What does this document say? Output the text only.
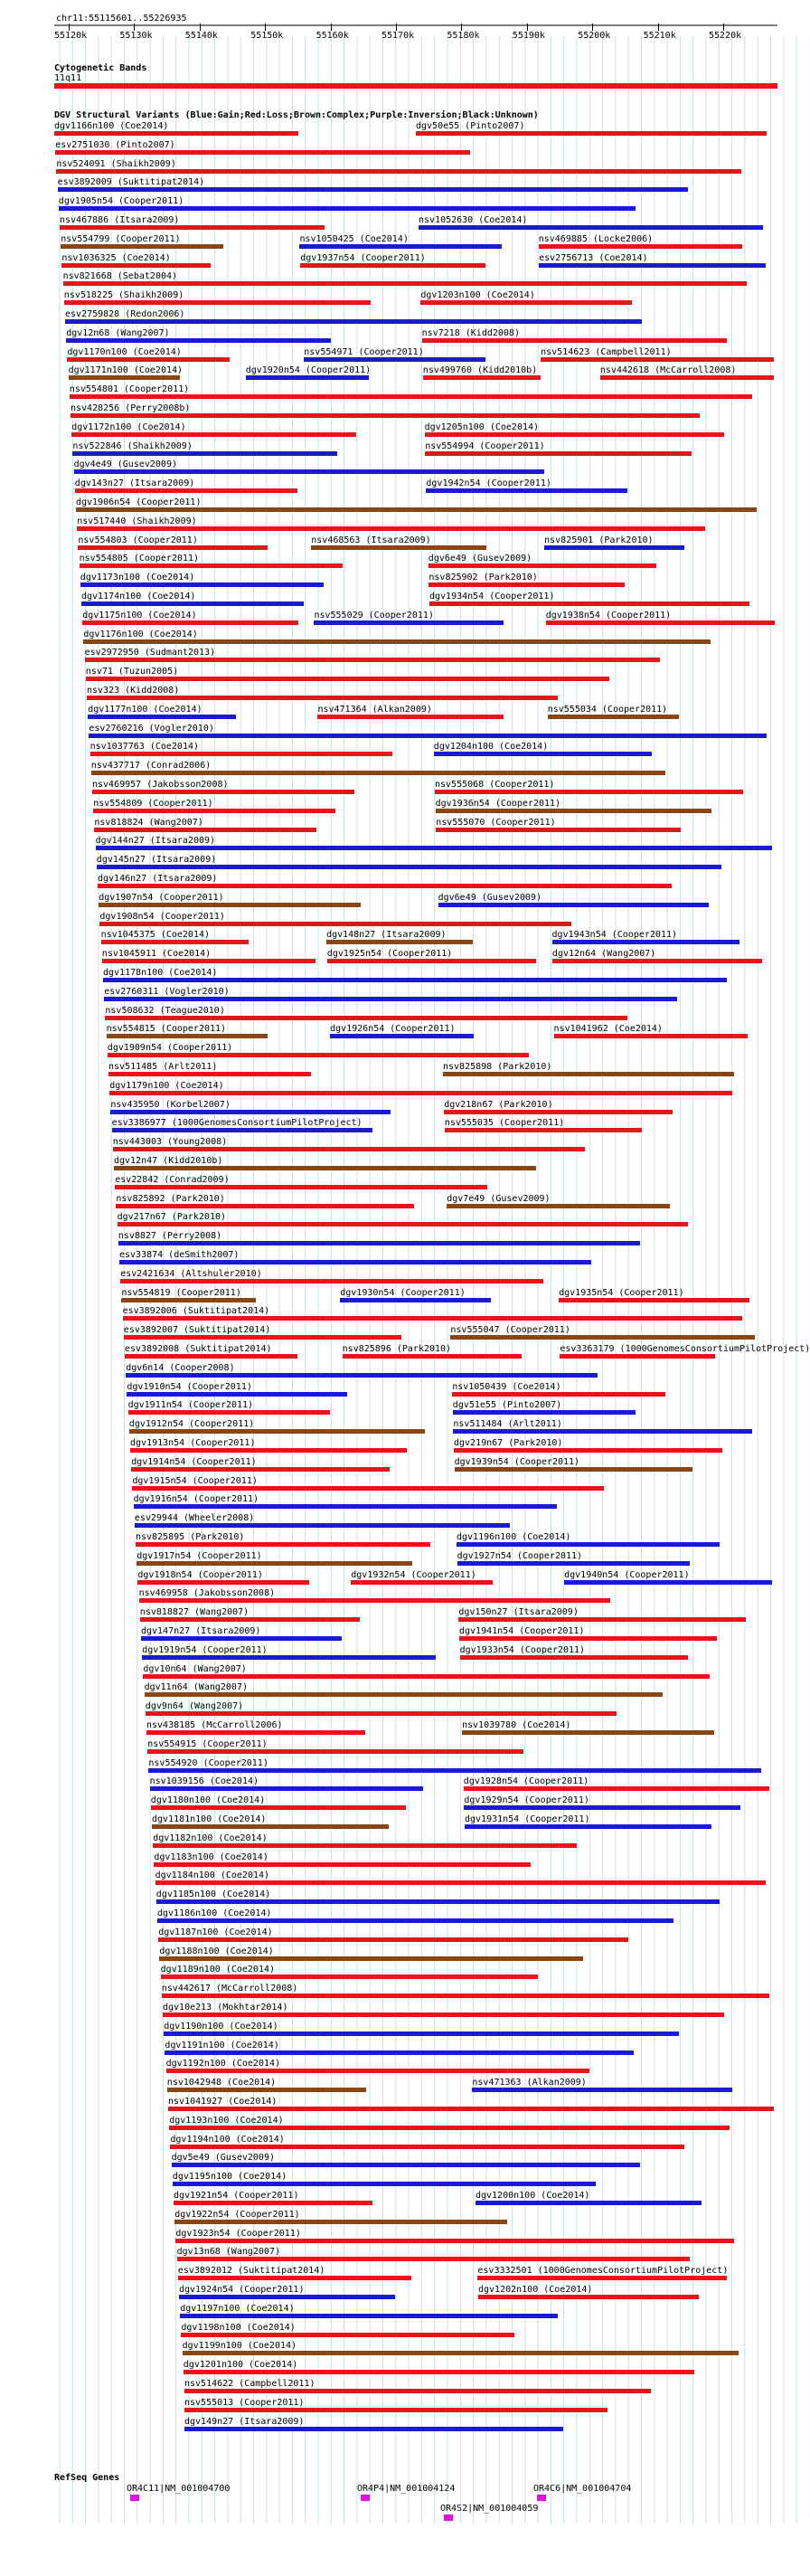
chr11:55115601..55226935
Cytogenetic Bands
11q11
DGV Structural Variants (Blue:Gain;Red:Loss;Brown:Complex;Purple:Inversion;Black:Unknown)
RefSeq Genes
55120k	55130k	55140k	55150k	55160k	55170k	55180k	55190k	55200k	55210k	55220k
dgv1166n100 (Coe2014)	dgv50e55 (Pinto2007)
esv2751030 (Pinto2007)
nsv524091 (Shaikh2009)
esv3892009 (Suktitipat2014)
dgv1905n54 (Cooper2011)
nsv467886 (Itsara2009)	nsv1052630 (Coe2014)
nsv554799 (Cooper2011)	nsv1050425 (Coe2014)	nsv469885 (Locke2006)
nsv1036325 (Coe2014)	dgv1937n54 (Cooper2011)	esv2756713 (Coe2014)
nsv821668 (Sebat2004)
nsv518225 (Shaikh2009)	dgv1203n100 (Coe2014)
esv2759828 (Redon2006)
dgv12n68 (Wang2007)	nsv7218 (Kidd2008)
dgv1170n100 (Coe2014)	nsv554971 (Cooper2011)	nsv514623 (Campbell2011)
dgv1171n100 (Coe2014)	dgv1920n54 (Cooper2011)	nsv499760 (Kidd2010b)	nsv442618 (McCarroll2008)
nsv554801 (Cooper2011)
nsv428256 (Perry2008b)
dgv1172n100 (Coe2014)	dgv1205n100 (Coe2014)
nsv522846 (Shaikh2009)	nsv554994 (Cooper2011)
dgv4e49 (Gusev2009)
dgv143n27 (Itsara2009)	dgv1942n54 (Cooper2011)
dgv1906n54 (Cooper2011)
nsv517440 (Shaikh2009)
nsv554803 (Cooper2011)	nsv468563 (Itsara2009)	nsv825901 (Park2010)
nsv554805 (Cooper2011)	dgv6e49 (Gusev2009)
dgv1173n100 (Coe2014)	nsv825902 (Park2010)
dgv1174n100 (Coe2014)	dgv1934n54 (Cooper2011)
dgv1175n100 (Coe2014)	nsv555029 (Cooper2011)	dgv1938n54 (Cooper2011)
dgv1176n100 (Coe2014)
esv2972950 (Sudmant2013)
nsv71 (Tuzun2005)
nsv323 (Kidd2008)
dgv1177n100 (Coe2014)	nsv471364 (Alkan2009)	nsv555034 (Cooper2011)
esv2760216 (Vogler2010)
nsv1037763 (Coe2014)	dgv1204n100 (Coe2014)
nsv437717 (Conrad2006)
nsv469957 (Jakobsson2008)	nsv555068 (Cooper2011)
nsv554809 (Cooper2011)	dgv1936n54 (Cooper2011)
nsv818824 (Wang2007)	nsv555070 (Cooper2011)
dgv144n27 (Itsara2009)
dgv145n27 (Itsara2009)
dgv146n27 (Itsara2009)
dgv1907n54 (Cooper2011)	dgv6e49 (Gusev2009)
dgv1908n54 (Cooper2011)
nsv1045375 (Coe2014)	dgv148n27 (Itsara2009)	dgv1943n54 (Cooper2011)
nsv1045911 (Coe2014)	dgv1925n54 (Cooper2011)	dgv12n64 (Wang2007)
dgv1178n100 (Coe2014)
esv2760311 (Vogler2010)
nsv508632 (Teague2010)
nsv554815 (Cooper2011)	dgv1926n54 (Cooper2011)	nsv1041962 (Coe2014)
dgv1909n54 (Cooper2011)
nsv511485 (Arlt2011)	nsv825898 (Park2010)
dgv1179n100 (Coe2014)
nsv435950 (Korbel2007)	dgv218n67 (Park2010)
esv3386977 (1000GenomesConsortiumPilotProject)	nsv555035 (Cooper2011)
nsv443003 (Young2008)
dgv12n47 (Kidd2010b)
esv22842 (Conrad2009)
nsv825892 (Park2010)	dgv7e49 (Gusev2009)
dgv217n67 (Park2010)
nsv8827 (Perry2008)
esv33874 (deSmith2007)
esv2421634 (Altshuler2010)
nsv554819 (Cooper2011)	dgv1930n54 (Cooper2011)	dgv1935n54 (Cooper2011)
esv3892006 (Suktitipat2014)
esv3892007 (Suktitipat2014)	nsv555047 (Cooper2011)
esv3892008 (Suktitipat2014)	nsv825896 (Park2010)	esv3363179 (1000GenomesConsortiumPilotProject)
dgv6n14 (Cooper2008)
dgv1910n54 (Cooper2011)	nsv1050439 (Coe2014)
dgv1911n54 (Cooper2011)	dgv51e55 (Pinto2007)
dgv1912n54 (Cooper2011)	nsv511484 (Arlt2011)
dgv1913n54 (Cooper2011)	dgv219n67 (Park2010)
dgv1914n54 (Cooper2011)	dgv1939n54 (Cooper2011)
dgv1915n54 (Cooper2011)
dgv1916n54 (Cooper2011)
esv29944 (Wheeler2008)
nsv825895 (Park2010)	dgv1196n100 (Coe2014)
dgv1917n54 (Cooper2011)	dgv1927n54 (Cooper2011)
dgv1918n54 (Cooper2011)	dgv1932n54 (Cooper2011)	dgv1940n54 (Cooper2011)
nsv469958 (Jakobsson2008)
nsv818827 (Wang2007)	dgv150n27 (Itsara2009)
dgv147n27 (Itsara2009)	dgv1941n54 (Cooper2011)
dgv1919n54 (Cooper2011)	dgv1933n54 (Cooper2011)
dgv10n64 (Wang2007)
dgv11n64 (Wang2007)
dgv9n64 (Wang2007)
nsv438185 (McCarroll2006)	nsv1039780 (Coe2014)
nsv554915 (Cooper2011)
nsv554920 (Cooper2011)
nsv1039156 (Coe2014)	dgv1928n54 (Cooper2011)
dgv1180n100 (Coe2014)	dgv1929n54 (Cooper2011)
dgv1181n100 (Coe2014)	dgv1931n54 (Cooper2011)
dgv1182n100 (Coe2014)
dgv1183n100 (Coe2014)
dgv1184n100 (Coe2014)
dgv1185n100 (Coe2014)
dgv1186n100 (Coe2014)
dgv1187n100 (Coe2014)
dgv1188n100 (Coe2014)
dgv1189n100 (Coe2014)
nsv442617 (McCarroll2008)
dgv10e213 (Mokhtar2014)
dgv1190n100 (Coe2014)
dgv1191n100 (Coe2014)
dgv1192n100 (Coe2014)
nsv1042948 (Coe2014)	nsv471363 (Alkan2009)
nsv1041927 (Coe2014)
dgv1193n100 (Coe2014)
dgv1194n100 (Coe2014)
dgv5e49 (Gusev2009)
dgv1195n100 (Coe2014)
dgv1921n54 (Cooper2011)	dgv1200n100 (Coe2014)
dgv1922n54 (Cooper2011)
dgv1923n54 (Cooper2011)
dgv13n68 (Wang2007)
esv3892012 (Suktitipat2014)	esv3332501 (1000GenomesConsortiumPilotProject)
dgv1924n54 (Cooper2011)	dgv1202n100 (Coe2014)
dgv1197n100 (Coe2014)
dgv1198n100 (Coe2014)
dgv1199n100 (Coe2014)
dgv1201n100 (Coe2014)
nsv514622 (Campbell2011)
nsv555013 (Cooper2011)
dgv149n27 (Itsara2009)
OR4C11|NM_001004700	OR4P4|NM_001004124	OR4C6|NM_001004704
OR4S2|NM_001004059
